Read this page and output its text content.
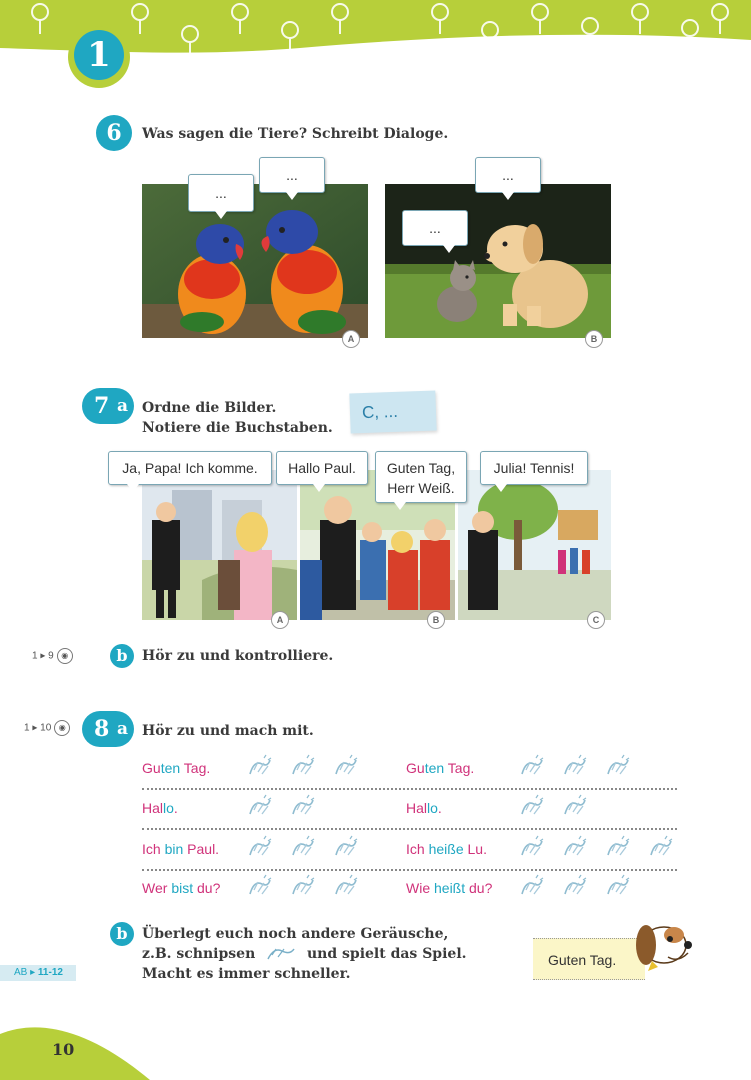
1
6	Was sagen die Tiere? Schreibt Dialoge.
A	B
...
...
...
...
7 a Ordne die Bilder.
Notiere die Buchstaben.
C, ...
A	B	C
Ja, Papa! Ich komme.	Hallo Paul.	Guten Tag,
Herr Weiß.
Julia! Tennis!
1 ▸ 9 ◉	b	Hör zu und kontrolliere.
1 ▸ 10 ◉	8 a Hör zu und mach mit.
Guten Tag.	Guten Tag.
Hallo.	Hallo.
Ich bin Paul.	Ich heiße Lu.
Wer bist du?	Wie heißt du?
b	Überlegt euch noch andere Geräusche,
z.B. schnipsen	und spielt das Spiel.
Macht es immer schneller.
Guten Tag.
AB ▸ 11-12
10
